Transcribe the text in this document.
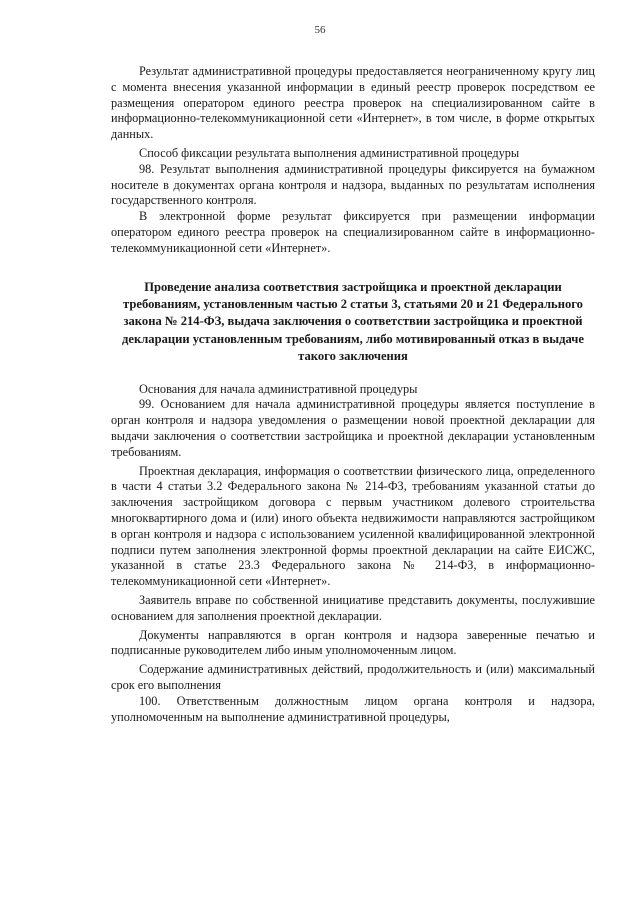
56

Результат административной процедуры предоставляется неограниченному кругу лиц с момента внесения указанной информации в единый реестр проверок посредством ее размещения оператором единого реестра проверок на специализированном сайте в информационно-телекоммуникационной сети «Интернет», в том числе, в форме открытых данных.

Способ фиксации результата выполнения административной процедуры

98. Результат выполнения административной процедуры фиксируется на бумажном носителе в документах органа контроля и надзора, выданных по результатам исполнения государственного контроля.

В электронной форме результат фиксируется при размещении информации оператором единого реестра проверок на специализированном сайте в информационно-телекоммуникационной сети «Интернет».

Проведение анализа соответствия застройщика и проектной декларации требованиям, установленным частью 2 статьи 3, статьями 20 и 21 Федерального закона № 214-ФЗ, выдача заключения о соответствии застройщика и проектной декларации установленным требованиям, либо мотивированный отказ в выдаче такого заключения

Основания для начала административной процедуры

99. Основанием для начала административной процедуры является поступление в орган контроля и надзора уведомления о размещении новой проектной декларации для выдачи заключения о соответствии застройщика и проектной декларации установленным требованиям.

Проектная декларация, информация о соответствии физического лица, определенного в части 4 статьи 3.2 Федерального закона № 214-ФЗ, требованиям указанной статьи до заключения застройщиком договора с первым участником долевого строительства многоквартирного дома и (или) иного объекта недвижимости направляются застройщиком в орган контроля и надзора с использованием усиленной квалифицированной электронной подписи путем заполнения электронной формы проектной декларации на сайте ЕИСЖС, указанной в статье 23.3 Федерального закона № 214-ФЗ, в информационно-телекоммуникационной сети «Интернет».

Заявитель вправе по собственной инициативе представить документы, послужившие основанием для заполнения проектной декларации.

Документы направляются в орган контроля и надзора заверенные печатью и подписанные руководителем либо иным уполномоченным лицом.

Содержание административных действий, продолжительность и (или) максимальный срок его выполнения

100. Ответственным должностным лицом органа контроля и надзора, уполномоченным на выполнение административной процедуры,
